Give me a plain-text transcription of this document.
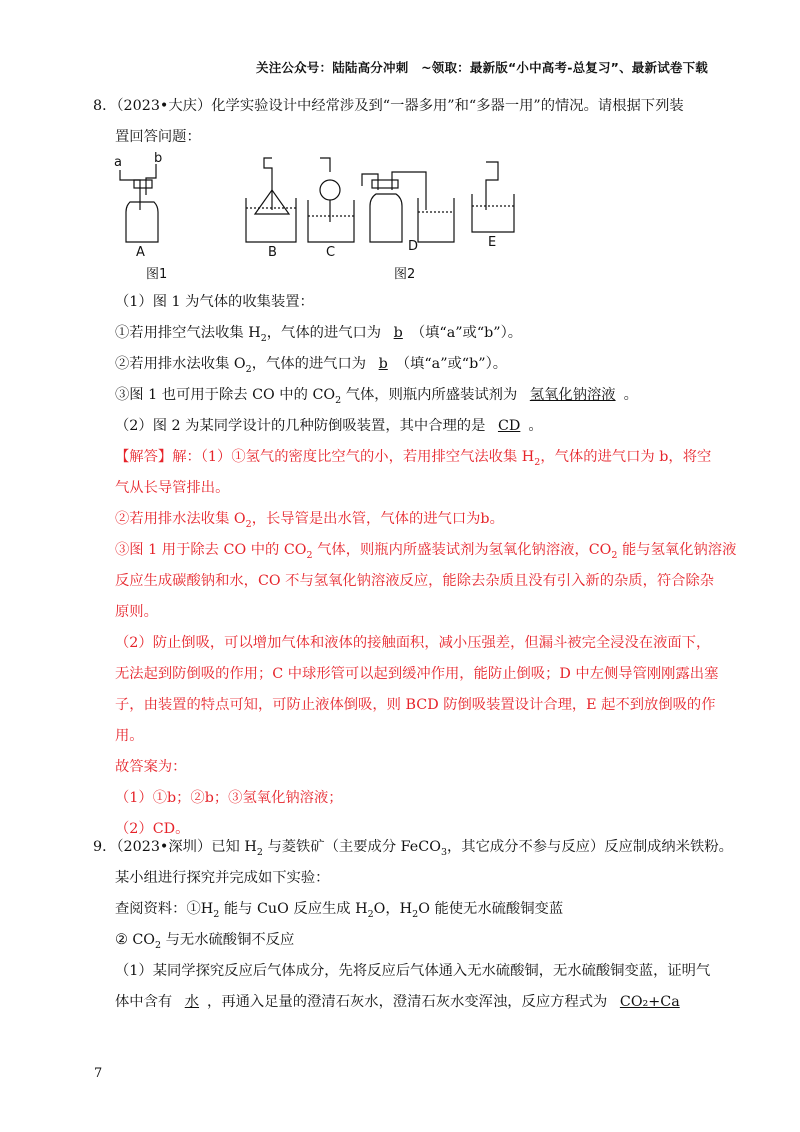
关注公众号：陆陆高分冲刺　~领取：最新版“小中高考-总复习”、最新试卷下载
8．（2023•大庆）化学实验设计中经常涉及到“一器多用”和“多器一用”的情况。请根据下列装
置回答问题：
a b
A	B	C	D	E
图1	图2
（1）图 1 为气体的收集装置：
①若用排空气法收集 $H_2$，气体的进气口为 b （填“a”或“b”）。
②若用排水法收集 $O_2$，气体的进气口为 b （填“a”或“b”）。
③图 1 也可用于除去 CO 中的 $CO_2$ 气体，则瓶内所盛装试剂为 氢氧化钠溶液 。
（2）图 2 为某同学设计的几种防倒吸装置，其中合理的是 CD 。
【解答】解：（1）①氢气的密度比空气的小，若用排空气法收集 $H_2$，气体的进气口为 b，将空
气从长导管排出。
②若用排水法收集 $O_2$，长导管是出水管，气体的进气口为b。
③图 1 用于除去 CO 中的 $CO_2$ 气体，则瓶内所盛装试剂为氢氧化钠溶液，$CO_2$ 能与氢氧化钠溶液
反应生成碳酸钠和水，CO 不与氢氧化钠溶液反应，能除去杂质且没有引入新的杂质，符合除杂
原则。
（2）防止倒吸，可以增加气体和液体的接触面积，减小压强差，但漏斗被完全浸没在液面下，
无法起到防倒吸的作用；C 中球形管可以起到缓冲作用，能防止倒吸；D 中左侧导管刚刚露出塞
子，由装置的特点可知，可防止液体倒吸，则 BCD 防倒吸装置设计合理，E 起不到放倒吸的作
用。
故答案为：
（1）①b；②b；③氢氧化钠溶液；
（2）CD。
9．（2023•深圳）已知 $H_2$ 与菱铁矿（主要成分 FeCO$_3$，其它成分不参与反应）反应制成纳米铁粉。
某小组进行探究并完成如下实验：
查阅资料：$①H_2$ 能与 CuO 反应生成 $H_2O$，$H_2O$ 能使无水硫酸铜变蓝
② $CO_2$ 与无水硫酸铜不反应
（1）某同学探究反应后气体成分，先将反应后气体通入无水硫酸铜，无水硫酸铜变蓝，证明气
体中含有 水 ，再通入足量的澄清石灰水，澄清石灰水变浑浊，反应方程式为 CO₂+Ca
7
